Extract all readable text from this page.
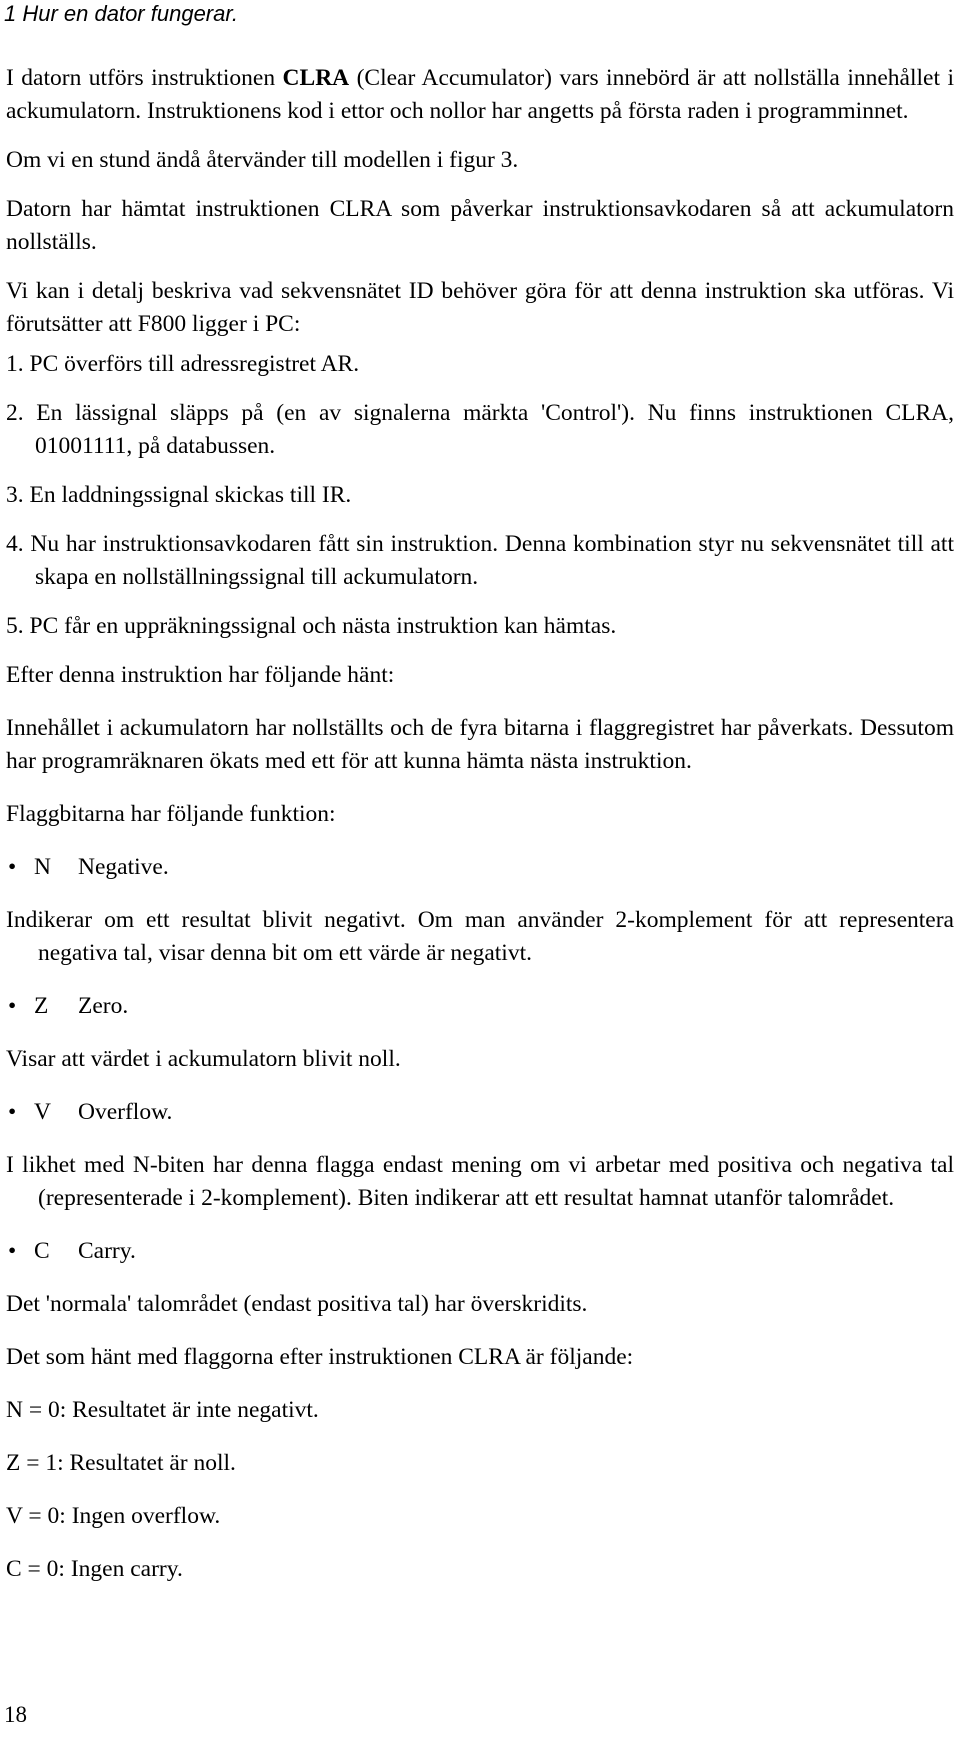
1 Hur en dator fungerar.

I datorn utförs instruktionen CLRA (Clear Accumulator) vars innebörd är att nollställa innehållet i ackumulatorn. Instruktionens kod i ettor och nollor har angetts på första raden i programminnet.

Om vi en stund ändå återvänder till modellen i figur 3.

Datorn har hämtat instruktionen CLRA som påverkar instruktionsavkodaren så att ackumulatorn nollställs.

Vi kan i detalj beskriva vad sekvensnätet ID behöver göra för att denna instruktion ska utföras. Vi förutsätter att F800 ligger i PC:

1. PC överförs till adressregistret AR.

2. En lässignal släpps på (en av signalerna märkta 'Control'). Nu finns instruktionen CLRA, 01001111, på databussen.

3. En laddningssignal skickas till IR.

4. Nu har instruktionsavkodaren fått sin instruktion. Denna kombination styr nu sekvensnätet till att skapa en nollställningssignal till ackumulatorn.

5. PC får en uppräkningssignal och nästa instruktion kan hämtas.

Efter denna instruktion har följande hänt:

Innehållet i ackumulatorn har nollställts och de fyra bitarna i flaggregistret har påverkats. Dessutom har programräknaren ökats med ett för att kunna hämta nästa instruktion.

Flaggbitarna har följande funktion:

• N Negative.

Indikerar om ett resultat blivit negativt. Om man använder 2-komplement för att representera negativa tal, visar denna bit om ett värde är negativt.

• Z Zero.

Visar att värdet i ackumulatorn blivit noll.

• V Overflow.

I likhet med N-biten har denna flagga endast mening om vi arbetar med positiva och negativa tal (representerade i 2-komplement). Biten indikerar att ett resultat hamnat utanför talområdet.

• C Carry.

Det 'normala' talområdet (endast positiva tal) har överskridits.

Det som hänt med flaggorna efter instruktionen CLRA är följande:

N = 0: Resultatet är inte negativt.

Z = 1: Resultatet är noll.

V = 0: Ingen overflow.

C = 0: Ingen carry.

18
